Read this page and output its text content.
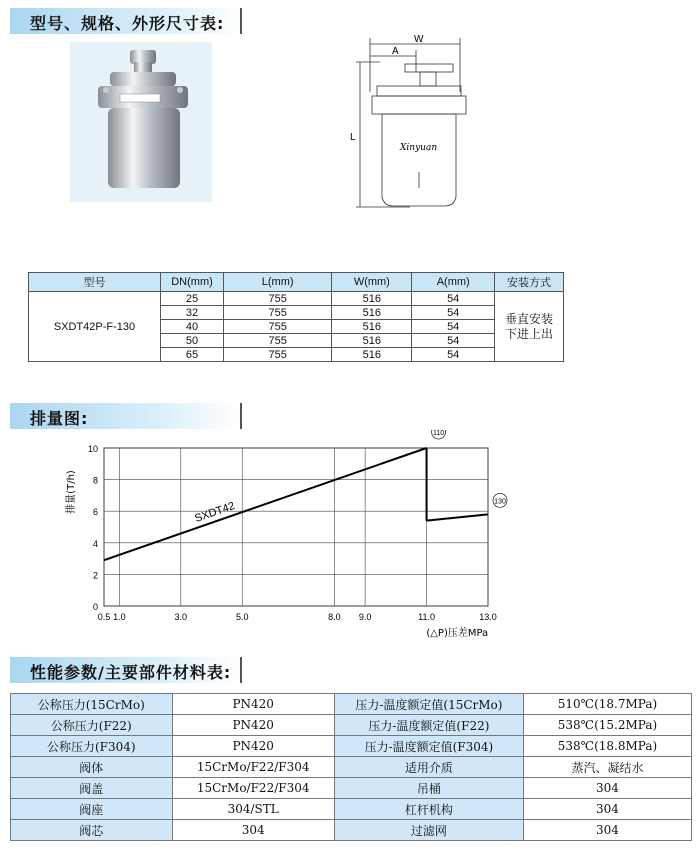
型号、规格、外形尺寸表:
W
A
L
Xinyuan
型号	DN(mm)	L(mm)	W(mm)	A(mm)	安装方式
SXDT42P-F-130	25	755	516	54	垂直安装
下进上出

	32	755	516	54	
	40	755	516	54	
	50	755	516	54	
	65	755	516	54	
排量图:
0
2
4
6
8
10
0.5 1.0	3.0	5.0	8.0 9.0	11.0	13.0
SXDT42
110
130
排量(T/h)
(△P)压差MPa
性能参数/主要部件材料表:
公称压力(15CrMo)	PN420	压力-温度额定值(15CrMo)	510℃(18.7MPa)
公称压力(F22)	PN420	压力-温度额定值(F22)	538℃(15.2MPa)
公称压力(F304)	PN420	压力-温度额定值(F304)	538℃(18.8MPa)
阀体	15CrMo/F22/F304	适用介质	蒸汽、凝结水
阀盖	15CrMo/F22/F304	吊桶	304
阀座	304/STL	杠杆机构	304
阀芯	304	过滤网	304
